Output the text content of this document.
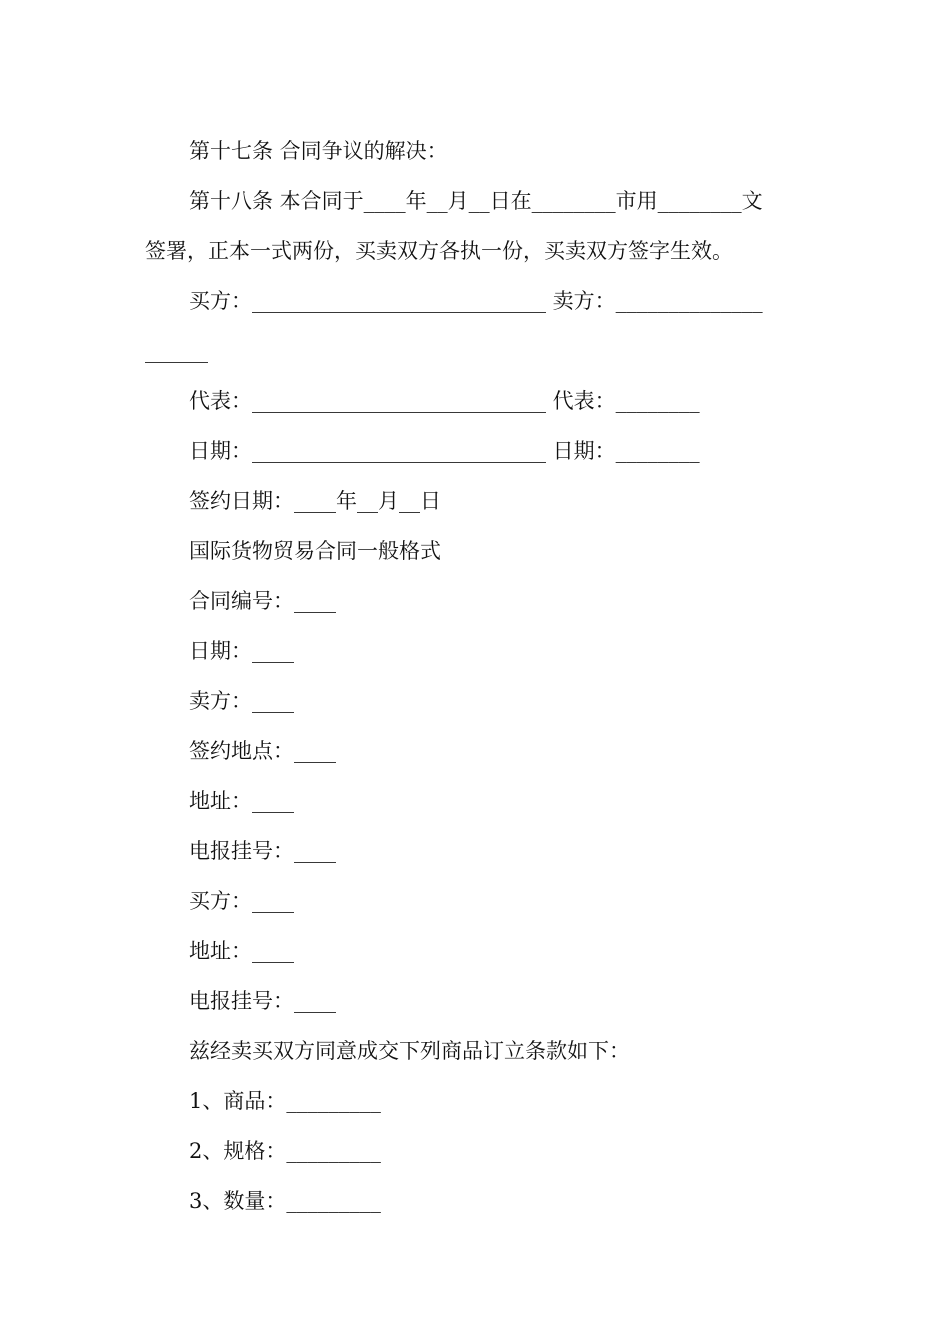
第十七条 合同争议的解决：
第十八条 本合同于____年__月__日在________市用________文
签署，正本一式两份，买卖双方各执一份，买卖双方签字生效。
买方：____________________________ 卖方：______________
______
代表：____________________________ 代表：________
日期：____________________________ 日期：________
签约日期：____年__月__日
国际货物贸易合同一般格式
合同编号：____
日期：____
卖方：____
签约地点：____
地址：____
电报挂号：____
买方：____
地址：____
电报挂号：____
兹经卖买双方同意成交下列商品订立条款如下：
1、商品：_________
2、规格：_________
3、数量：_________
